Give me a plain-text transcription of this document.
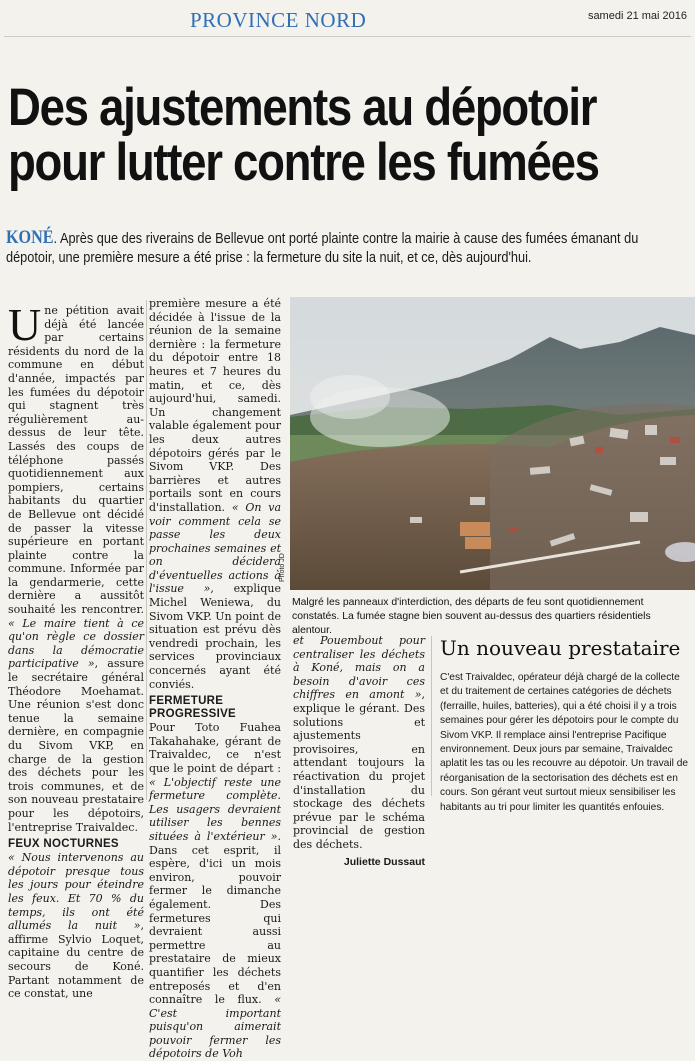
PROVINCE NORD	samedi 21 mai 2016
Des ajustements au dépotoir
pour lutter contre les fumées
KONÉ. Après que des riverains de Bellevue ont porté plainte contre la mairie à cause des fumées émanant du dépotoir, une première mesure a été prise : la fermeture du site la nuit, et ce, dès aujourd'hui.

Une pétition avait déjà été lancée par certains résidents du nord de la commune en début d'année, impactés par les fumées du dépotoir qui stagnent très régulièrement au-dessus de leur tête. Lassés des coups de téléphone passés quotidiennement aux pompiers, certains habitants du quartier de Bellevue ont décidé de passer la vitesse supérieure en portant plainte contre la commune. Informée par la gendarmerie, cette dernière a aussitôt souhaité les rencontrer. « Le maire tient à ce qu'on règle ce dossier dans la démocratie participative », assure le secrétaire général Théodore Moehamat. Une réunion s'est donc tenue la semaine dernière, en compagnie du Sivom VKP, en charge de la gestion des déchets pour les trois communes, et de son nouveau prestataire pour les dépotoirs, l'entreprise Traivaldec.

FEUX NOCTURNES

« Nous intervenons au dépotoir presque tous les jours pour éteindre les feux. Et 70 % du temps, ils ont été allumés la nuit », affirme Sylvio Loquet, capitaine du centre de secours de Koné. Partant notamment de ce constat, une

première mesure a été décidée à l'issue de la réunion de la semaine dernière : la fermeture du dépotoir entre 18 heures et 7 heures du matin, et ce, dès aujourd'hui, samedi. Un changement valable également pour les deux autres dépotoirs gérés par le Sivom VKP. Des barrières et autres portails sont en cours d'installation. « On va voir comment cela se passe les deux prochaines semaines et on décidera d'éventuelles actions à l'issue », explique Michel Weniewa, du Sivom VKP. Un point de situation est prévu dès vendredi prochain, les services provinciaux concernés ayant été conviés.

FERMETURE PROGRESSIVE

Pour Toto Fuahea Takahahake, gérant de Traivaldec, ce n'est que le point de départ : « L'objectif reste une fermeture complète. Les usagers devraient utiliser les bennes situées à l'extérieur ». Dans cet esprit, il espère, d'ici un mois environ, pouvoir fermer le dimanche également. Des fermetures qui devraient aussi permettre au prestataire de mieux quantifier les déchets entreposés et d'en connaître le flux. « C'est important puisqu'on aimerait pouvoir fermer les dépotoirs de Voh

Photo JD
Malgré les panneaux d'interdiction, des départs de feu sont quotidiennement constatés. La fumée stagne bien souvent au-dessus des quartiers résidentiels alentour.

et Pouembout pour centraliser les déchets à Koné, mais on a besoin d'avoir ces chiffres en amont », explique le gérant. Des solutions et ajustements provisoires, en attendant toujours la réactivation du projet d'installation du stockage des déchets prévue par le schéma provincial de gestion des déchets.

Juliette Dussaut

Un nouveau prestataire
C'est Traivaldec, opérateur déjà chargé de la collecte et du traitement de certaines catégories de déchets (ferraille, huiles, batteries), qui a été choisi il y a trois semaines pour gérer les dépotoirs pour le compte du Sivom VKP. Il remplace ainsi l'entreprise Pacifique environnement. Deux jours par semaine, Traivaldec aplatit les tas ou les recouvre au dépotoir. Un travail de réorganisation de la sectorisation des déchets est en cours. Son gérant veut surtout mieux sensibiliser les habitants au tri pour limiter les quantités enfouies.
